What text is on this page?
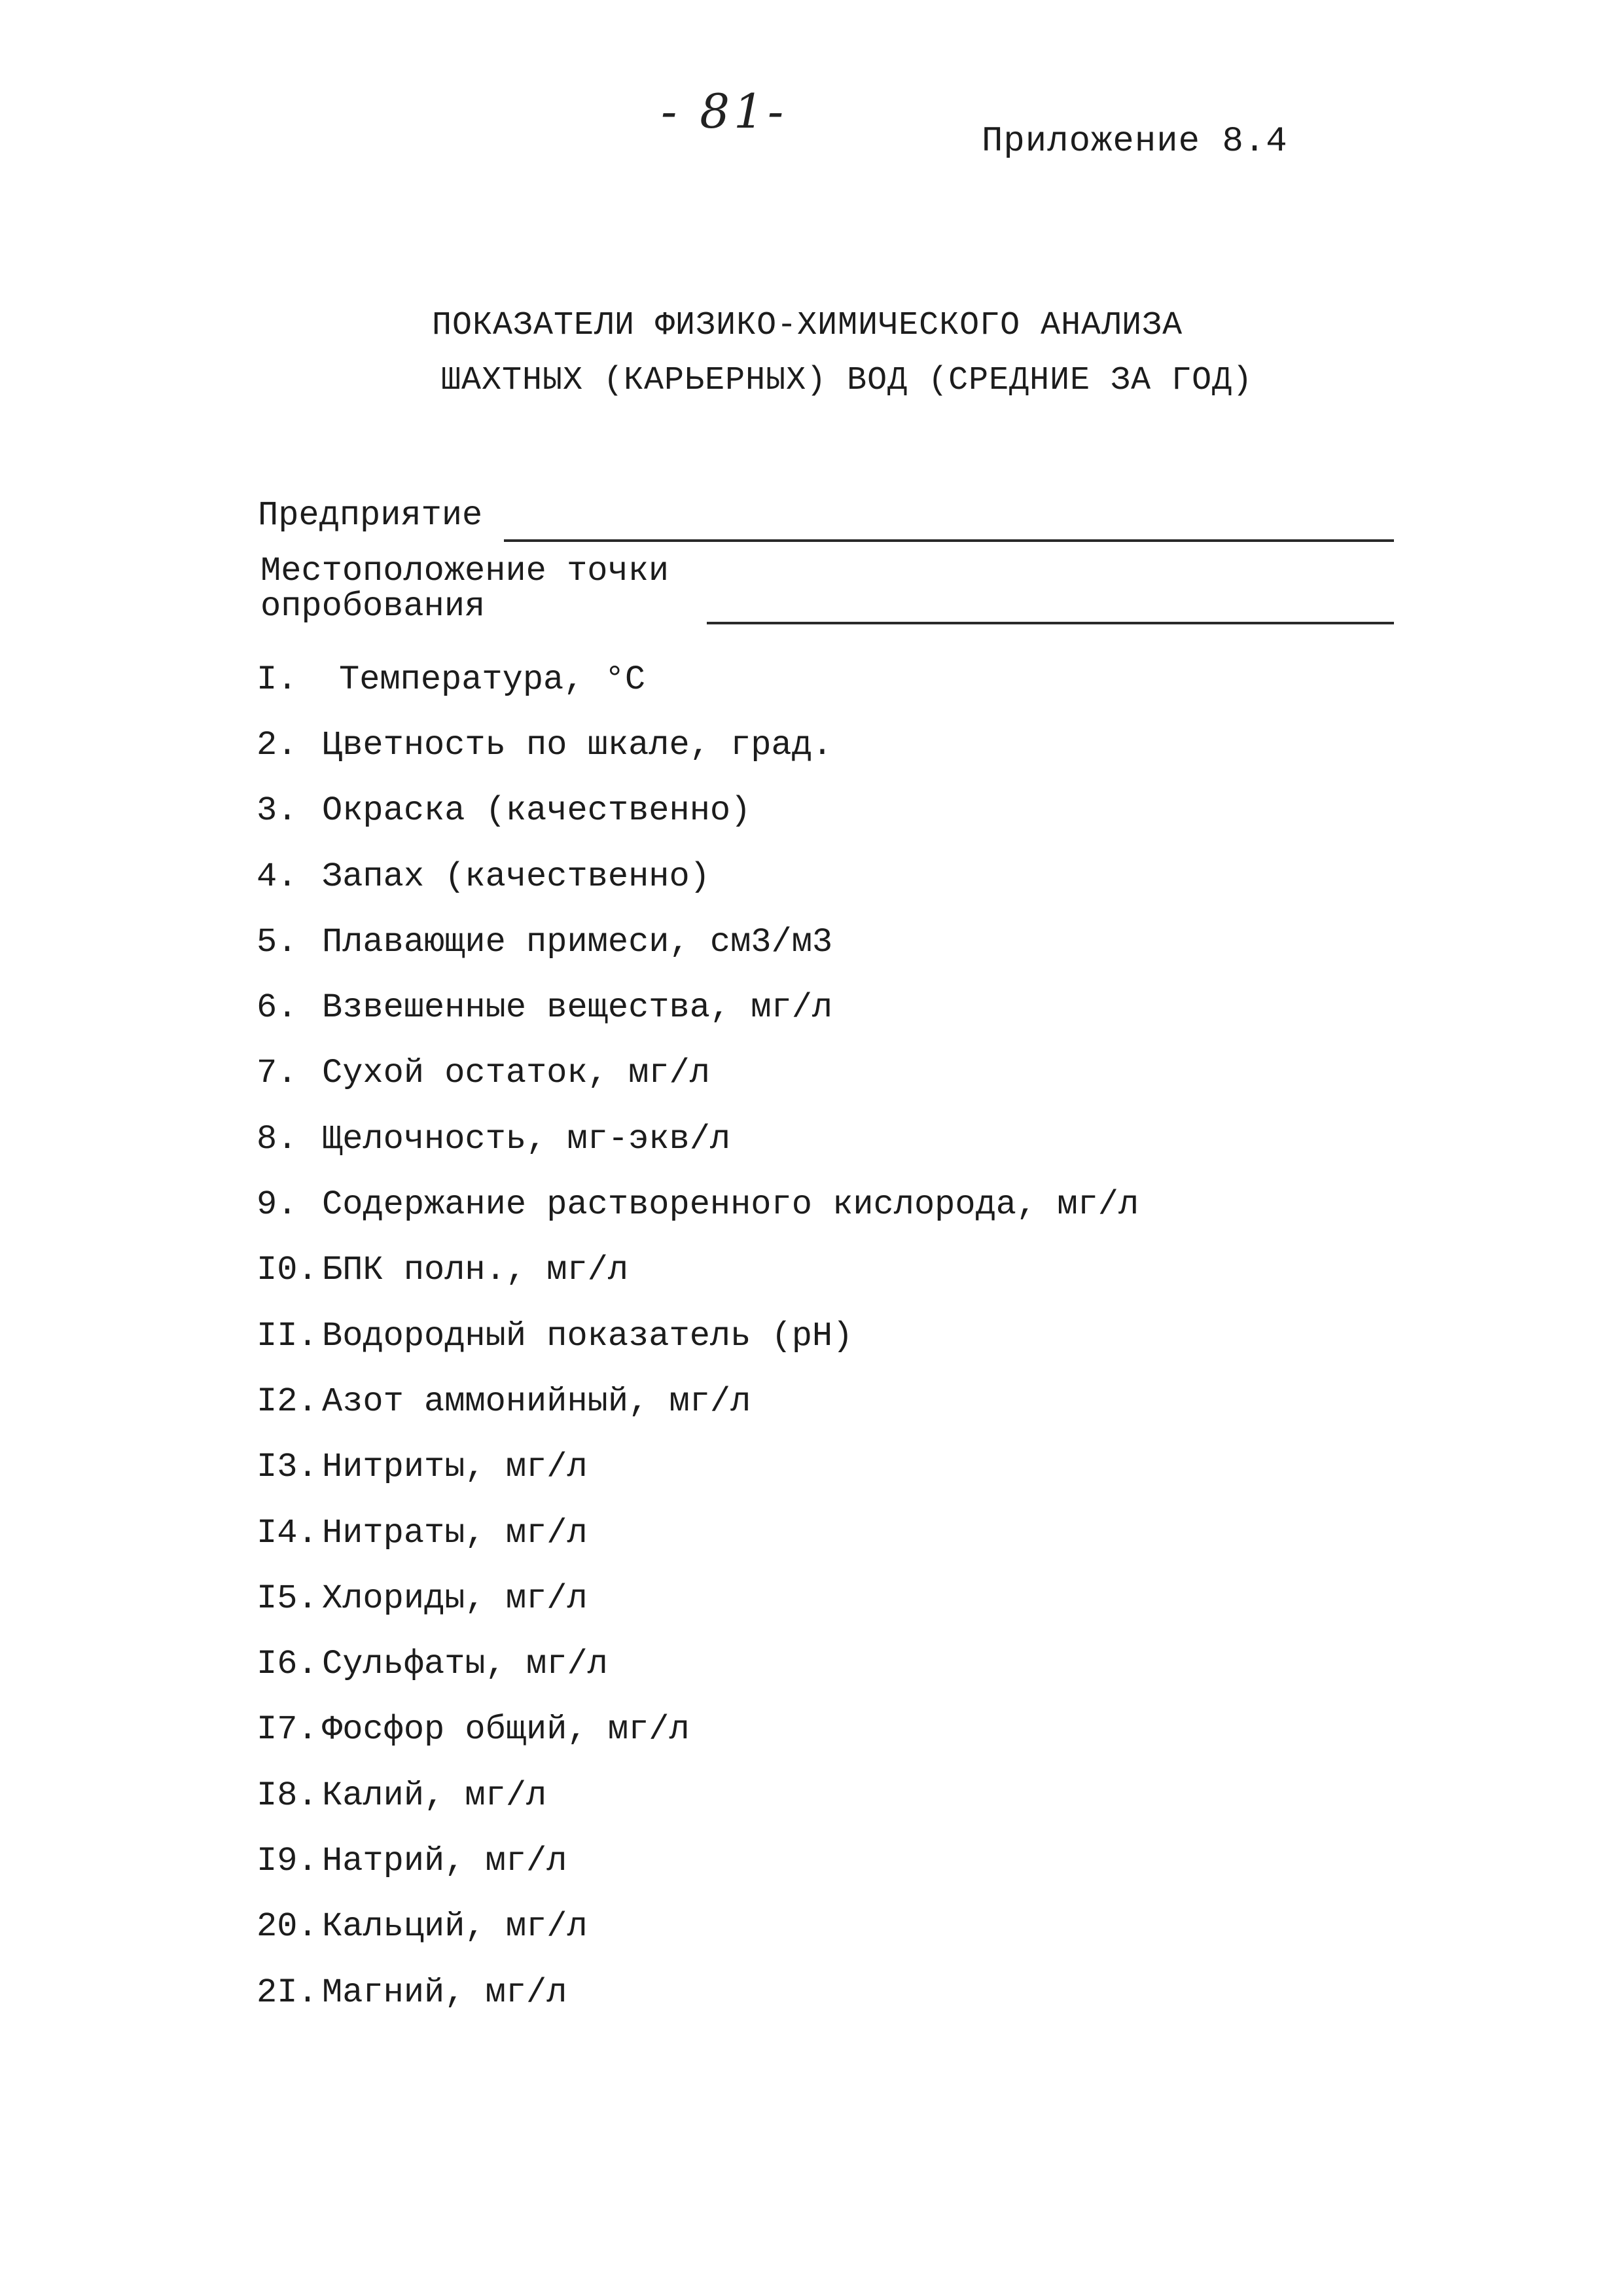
- 81-
Приложение 8.4
ПОКАЗАТЕЛИ ФИЗИКО-ХИМИЧЕСКОГО АНАЛИЗА
ШАХТНЫХ (КАРЬЕРНЫХ) ВОД (СРЕДНИЕ ЗА ГОД)
Предприятие
Местоположение точки
опробования
I.	Температура, °С
2. Цветность по шкале, град.
3. Окраска (качественно)
4. Запах (качественно)
5. Плавающие примеси, см3/м3
6. Взвешенные вещества, мг/л
7. Сухой остаток, мг/л
8. Щелочность, мг-экв/л
9. Содержание растворенного кислорода, мг/л
I0. БПК полн., мг/л
II. Водородный показатель (pH)
I2. Азот аммонийный, мг/л
I3. Нитриты, мг/л
I4. Нитраты, мг/л
I5. Хлориды, мг/л
I6. Сульфаты, мг/л
I7. Фосфор общий, мг/л
I8. Калий, мг/л
I9. Натрий, мг/л
20. Кальций, мг/л
2I. Магний, мг/л
